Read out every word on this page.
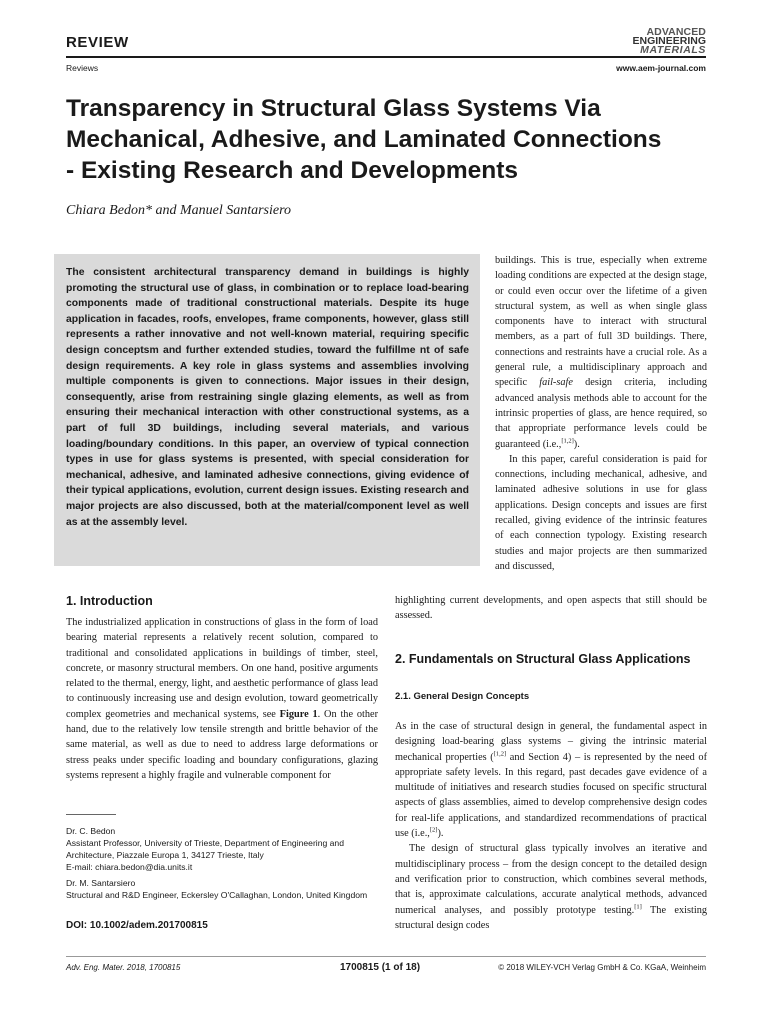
REVIEW
ADVANCED
ENGINEERING
MATERIALS
Reviews	www.aem-journal.com
Transparency in Structural Glass Systems Via Mechanical, Adhesive, and Laminated Connections - Existing Research and Developments
Chiara Bedon* and Manuel Santarsiero
The consistent architectural transparency demand in buildings is highly promoting the structural use of glass, in combination or to replace load-bearing components made of traditional constructional materials. Despite its huge application in facades, roofs, envelopes, frame components, however, glass still represents a rather innovative and not well-known material, requiring specific design conceptsm and further extended studies, toward the fulfillme nt of safe design requirements. A key role in glass systems and assemblies involving multiple components is given to connections. Major issues in their design, consequently, arise from restraining single glazing elements, as well as from ensuring their mechanical interaction with other constructional systems, as a part of full 3D buildings, including several materials, and various loading/boundary conditions. In this paper, an overview of typical connection types in use for glass systems is presented, with special consideration for mechanical, adhesive, and laminated adhesive connections, giving evidence of their typical applications, evolution, current design issues. Existing research and major projects are also discussed, both at the material/component level as well as at the assembly level.

buildings. This is true, especially when extreme loading conditions are expected at the design stage, or could even occur over the lifetime of a given structural system, as well as when single glass components have to interact with structural members, as a part of full 3D buildings. There, connections and restraints have a crucial role. As a general rule, a multidisciplinary approach and specific fail-safe design criteria, including advanced analysis methods able to account for the intrinsic properties of glass, are hence required, so that appropriate performance levels could be guaranteed (i.e.,[1,2]).

In this paper, careful consideration is paid for connections, including mechanical, adhesive, and laminated adhesive solutions in use for glass applications. Design concepts and issues are first recalled, giving evidence of the intrinsic features of each connection typology. Existing research studies and major projects are then summarized and discussed,

highlighting current developments, and open aspects that still should be assessed.
1. Introduction

The industrialized application in constructions of glass in the form of load bearing material represents a relatively recent solution, compared to traditional and consolidated applications in buildings of timber, steel, concrete, or masonry structural members. On one hand, positive arguments related to the thermal, energy, light, and aesthetic performance of glass lead to continuously increasing use and design evolution, toward geometrically complex geometries and mechanical systems, see Figure 1. On the other hand, due to the relatively low tensile strength and brittle behavior of the same material, as well as due to need to address large deformations or stress peaks under specific loading and boundary configurations, glazing systems represent a highly fragile and vulnerable component for

2. Fundamentals on Structural Glass Applications
2.1. General Design Concepts

As in the case of structural design in general, the fundamental aspect in designing load-bearing glass systems – giving the intrinsic material mechanical properties ([1,2] and Section 4) – is represented by the need of appropriate safety levels. In this regard, past decades gave evidence of a multitude of initiatives and research studies focused on specific structural aspects of glass assemblies, aimed to develop comprehensive design codes for real-life applications, and standardized recommendations of practical use (i.e.,[2]).

The design of structural glass typically involves an iterative and multidisciplinary process – from the design concept to the detailed design and verification prior to construction, which combines several methods, that is, approximate calculations, accurate analytical methods, advanced numerical analyses, and possibly prototype testing.[1] The existing structural design codes

Dr. C. Bedon
Assistant Professor, University of Trieste, Department of Engineering and Architecture, Piazzale Europa 1, 34127 Trieste, Italy
E-mail: chiara.bedon@dia.units.it
Dr. M. Santarsiero
Structural and R&D Engineer, Eckersley O'Callaghan, London, United Kingdom
DOI: 10.1002/adem.201700815
Adv. Eng. Mater. 2018, 1700815	1700815 (1 of 18)	© 2018 WILEY-VCH Verlag GmbH & Co. KGaA, Weinheim
